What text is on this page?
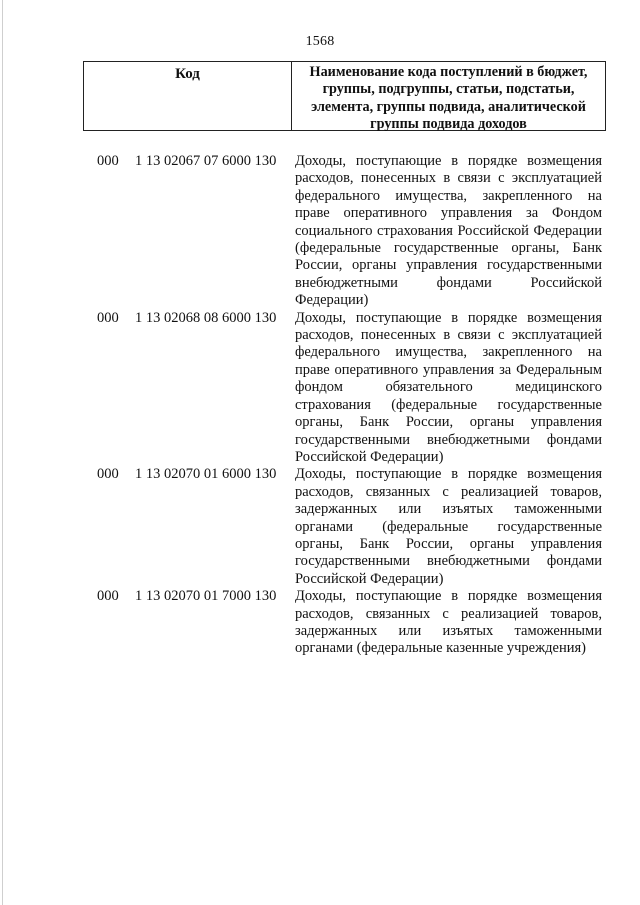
1568
Код	Наименование кода поступлений в бюджет, группы, подгруппы, статьи, подстатьи, элемента, группы подвида, аналитической группы подвида доходов
000 1 13 02067 07 6000 130 Доходы, поступающие в порядке возмещения расходов, понесенных в связи с эксплуатацией федерального имущества, закрепленного на праве оперативного управления за Фондом социального страхования Российской Федерации (федеральные государственные органы, Банк России, органы управления государственными внебюджетными фондами Российской Федерации)
000 1 13 02068 08 6000 130 Доходы, поступающие в порядке возмещения расходов, понесенных в связи с эксплуатацией федерального имущества, закрепленного на праве оперативного управления за Федеральным фондом обязательного медицинского страхования (федеральные государственные органы, Банк России, органы управления государственными внебюджетными фондами Российской Федерации)
000 1 13 02070 01 6000 130 Доходы, поступающие в порядке возмещения расходов, связанных с реализацией товаров, задержанных или изъятых таможенными органами (федеральные государственные органы, Банк России, органы управления государственными внебюджетными фондами Российской Федерации)
000 1 13 02070 01 7000 130 Доходы, поступающие в порядке возмещения расходов, связанных с реализацией товаров, задержанных или изъятых таможенными органами (федеральные казенные учреждения)
